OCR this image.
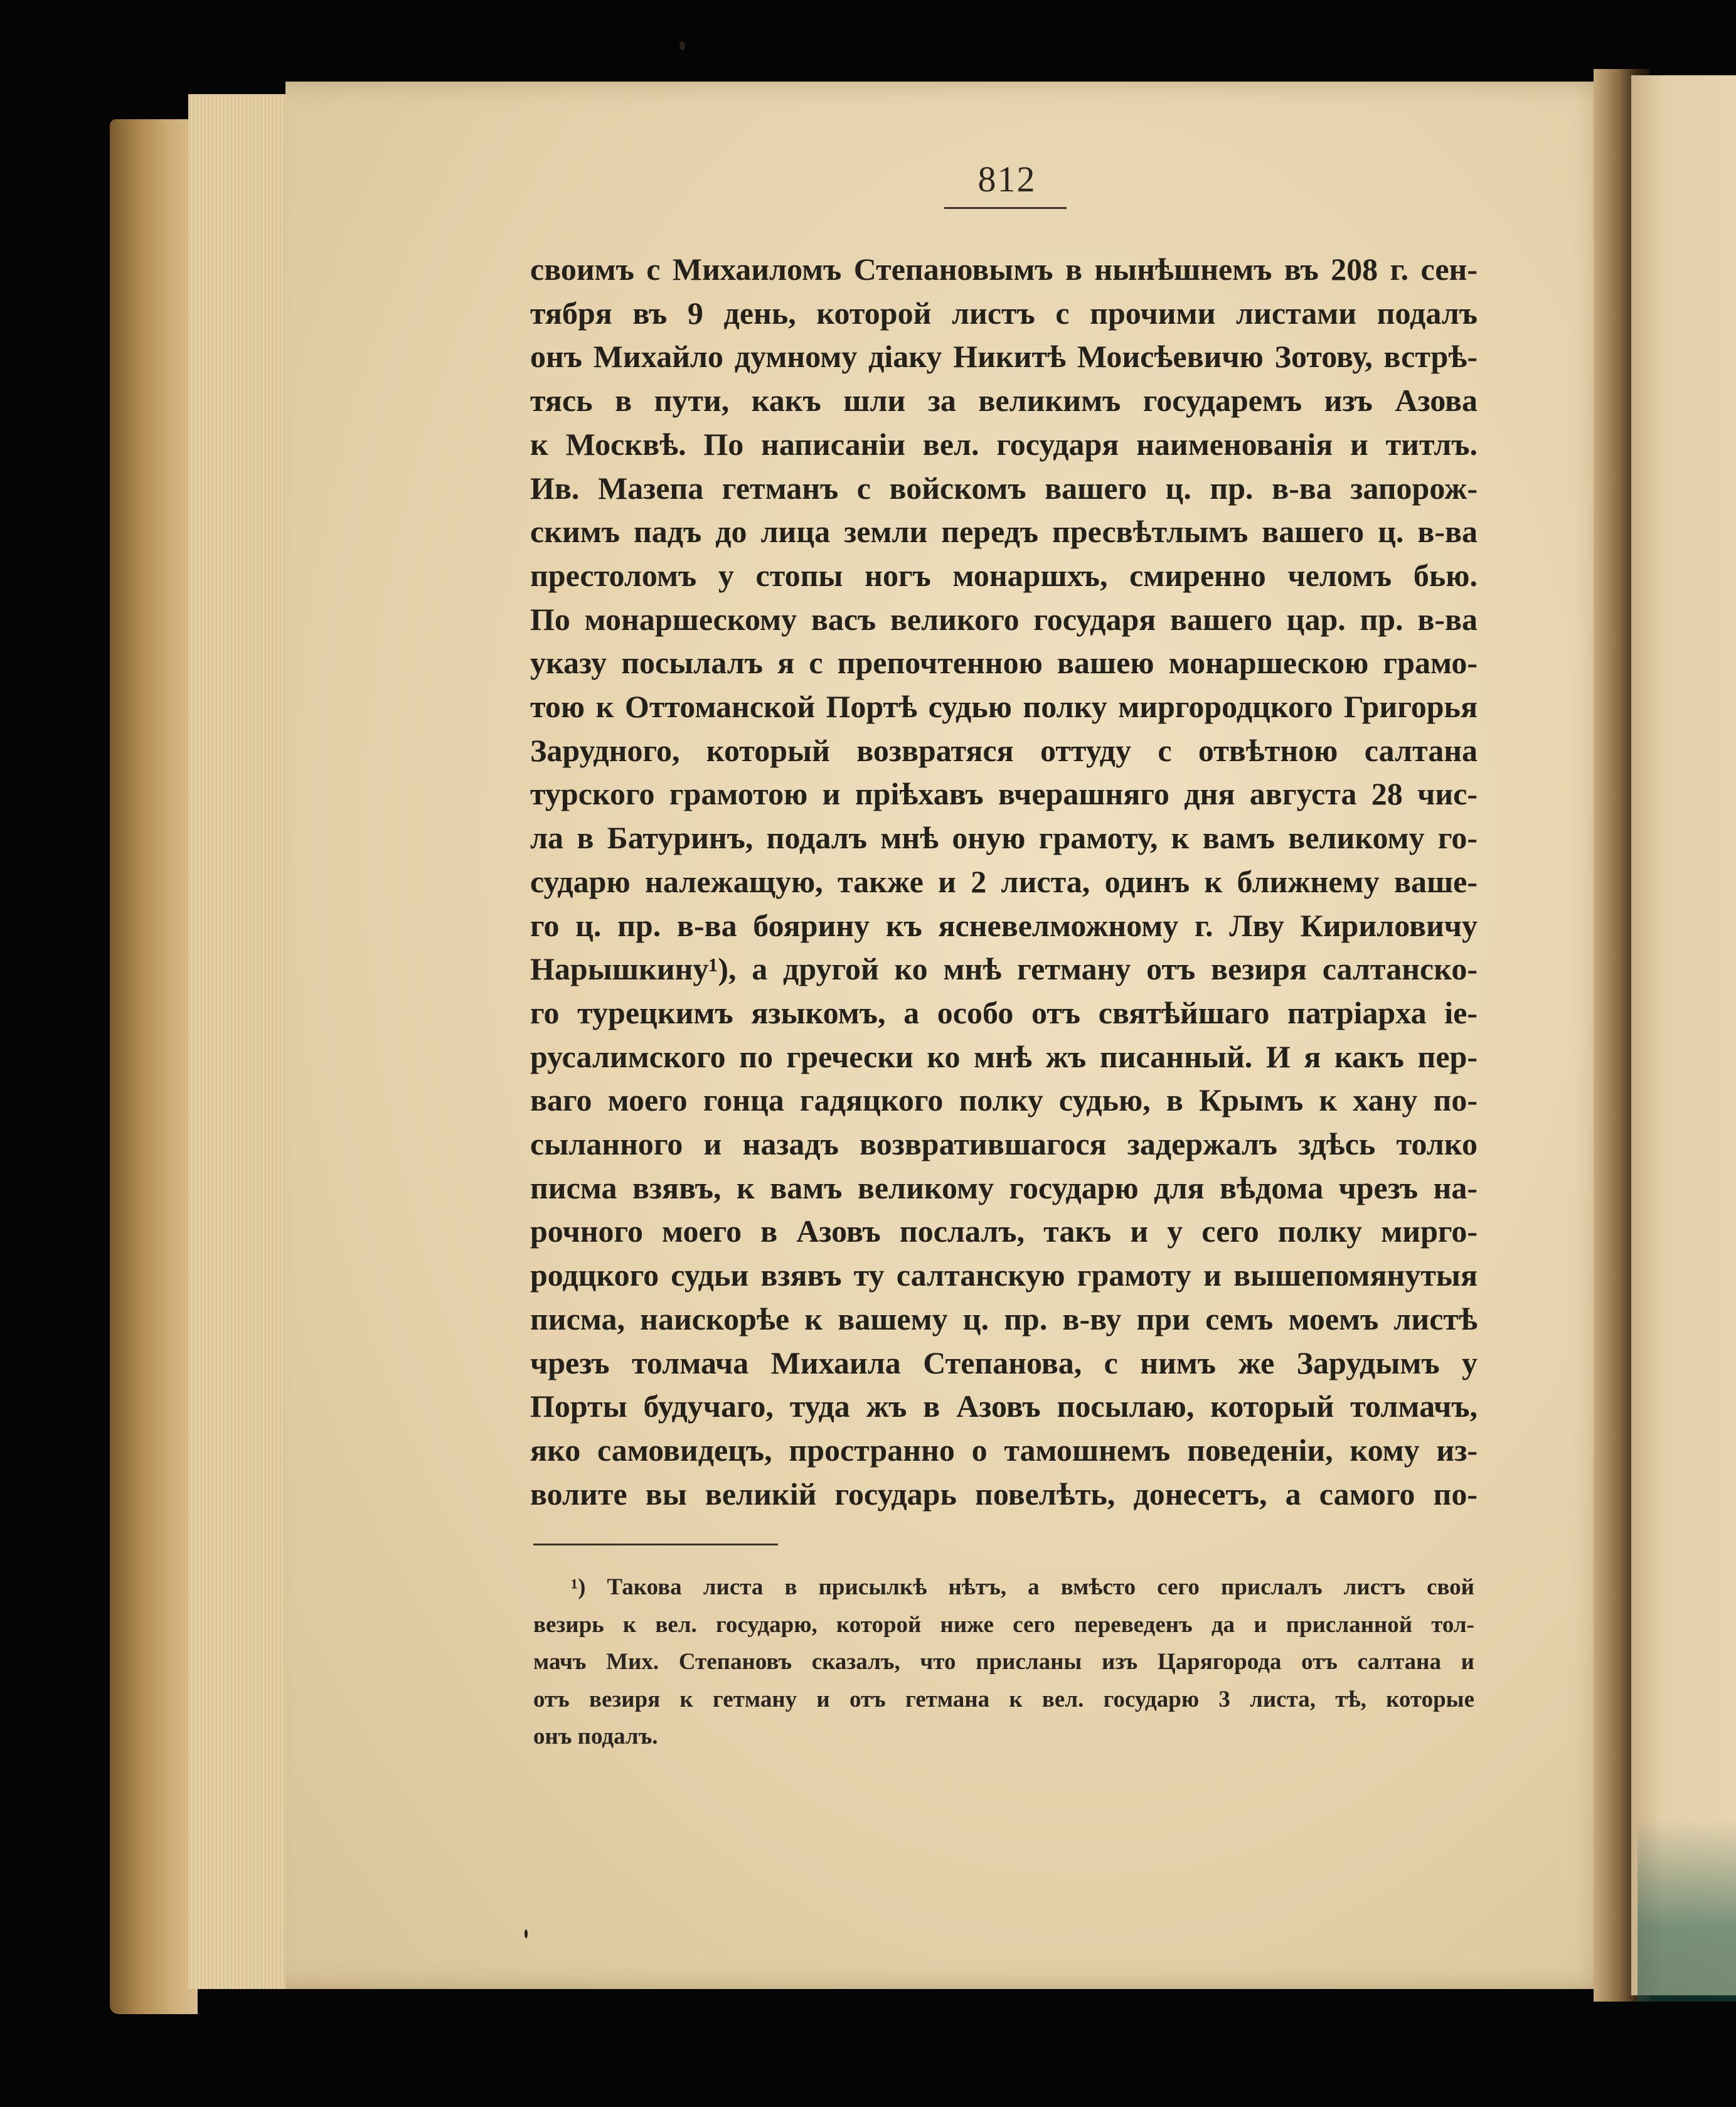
812
своимъ с Михаиломъ Степановымъ в нынѣшнемъ въ 208 г. сен-
тября въ 9 день, которой листъ с прочими листами подалъ
онъ Михайло думному діаку Никитѣ Моисѣевичю Зотову, встрѣ-
тясь в пути, какъ шли за великимъ государемъ изъ Азова
к Москвѣ. По написаніи вел. государя наименованія и титлъ.
Ив. Мазепа гетманъ с войскомъ вашего ц. пр. в-ва запорож-
скимъ падъ до лица земли передъ пресвѣтлымъ вашего ц. в-ва
престоломъ у стопы ногъ монаршхъ, смиренно челомъ бью.
По монаршескому васъ великого государя вашего цар. пр. в-ва
указу посылалъ я с препочтенною вашею монаршескою грамо-
тою к Оттоманской Портѣ судью полку миргородцкого Григорья
Зарудного, который возвратяся оттуду с отвѣтною салтана
турского грамотою и пріѣхавъ вчерашняго дня августа 28 чис-
ла в Батуринъ, подалъ мнѣ оную грамоту, к вамъ великому го-
сударю належащую, также и 2 листа, одинъ к ближнему ваше-
го ц. пр. в-ва боярину къ ясневелможному г. Лву Кириловичу
Нарышкину¹), а другой ко мнѣ гетману отъ везиря салтанско-
го турецкимъ языкомъ, а особо отъ святѣйшаго патріарха іе-
русалимского по гречески ко мнѣ жъ писанный. И я какъ пер-
ваго моего гонца гадяцкого полку судью, в Крымъ к хану по-
сыланного и назадъ возвратившагося задержалъ здѣсь толко
писма взявъ, к вамъ великому государю для вѣдома чрезъ на-
рочного моего в Азовъ послалъ, такъ и у сего полку мирго-
родцкого судьи взявъ ту салтанскую грамоту и вышепомянутыя
писма, наискорѣе к вашему ц. пр. в-ву при семъ моемъ листѣ
чрезъ толмача Михаила Степанова, с нимъ же Зарудымъ у
Порты будучаго, туда жъ в Азовъ посылаю, который толмачъ,
яко самовидецъ, пространно о тамошнемъ поведеніи, кому из-
волите вы великій государь повелѣть, донесетъ, а самого по-
¹) Такова листа в присылкѣ нѣтъ, а вмѣсто сего прислалъ листъ свой
везирь к вел. государю, которой ниже сего переведенъ да и присланной тол-
мачъ Мих. Степановъ сказалъ, что присланы изъ Царягорода отъ салтана и
отъ везиря к гетману и отъ гетмана к вел. государю 3 листа, тѣ, которые
онъ подалъ.
